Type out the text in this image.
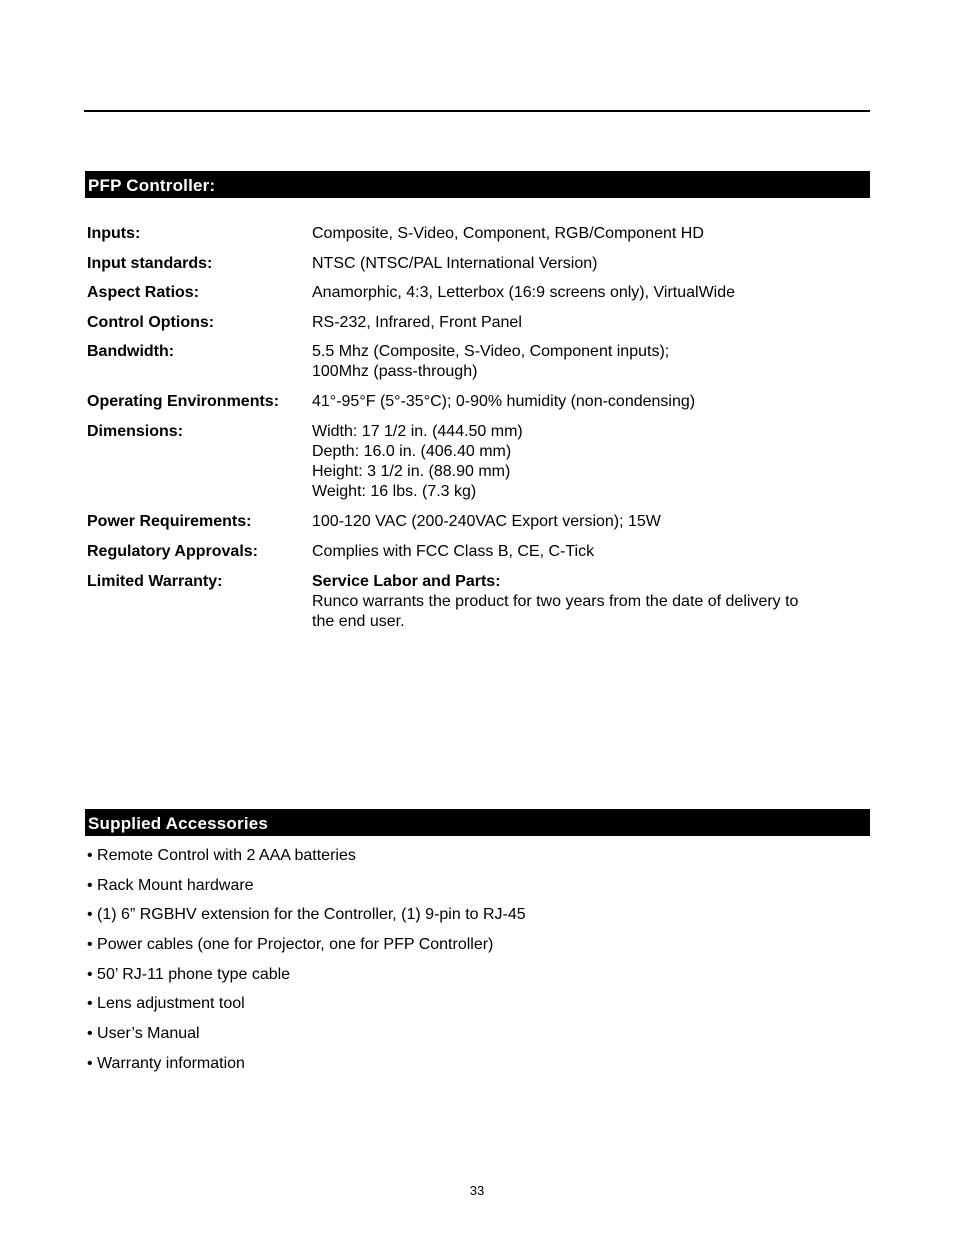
PFP Controller:
Inputs:	Composite, S-Video, Component, RGB/Component HD
Input standards:	NTSC (NTSC/PAL International Version)
Aspect Ratios:	Anamorphic, 4:3, Letterbox (16:9 screens only), VirtualWide
Control Options:	RS-232, Infrared, Front Panel
Bandwidth:	5.5 Mhz (Composite, S-Video, Component inputs);
100Mhz (pass-through)
Operating Environments:	41°-95°F (5°-35°C); 0-90% humidity (non-condensing)
Dimensions:	Width: 17 1/2 in. (444.50 mm)
Depth: 16.0 in. (406.40 mm)
Height: 3 1/2 in. (88.90 mm)
Weight: 16 lbs. (7.3 kg)
Power Requirements:	100-120 VAC (200-240VAC Export version); 15W
Regulatory Approvals:	Complies with FCC Class B, CE, C-Tick
Limited Warranty:	Service Labor and Parts:
Runco warrants the product for two years from the date of delivery to
the end user.
Supplied Accessories
• Remote Control with 2 AAA batteries
• Rack Mount hardware
• (1) 6” RGBHV extension for the Controller, (1) 9-pin to RJ-45
• Power cables (one for Projector, one for PFP Controller)
• 50’ RJ-11 phone type cable
• Lens adjustment tool
• User’s Manual
• Warranty information
33
